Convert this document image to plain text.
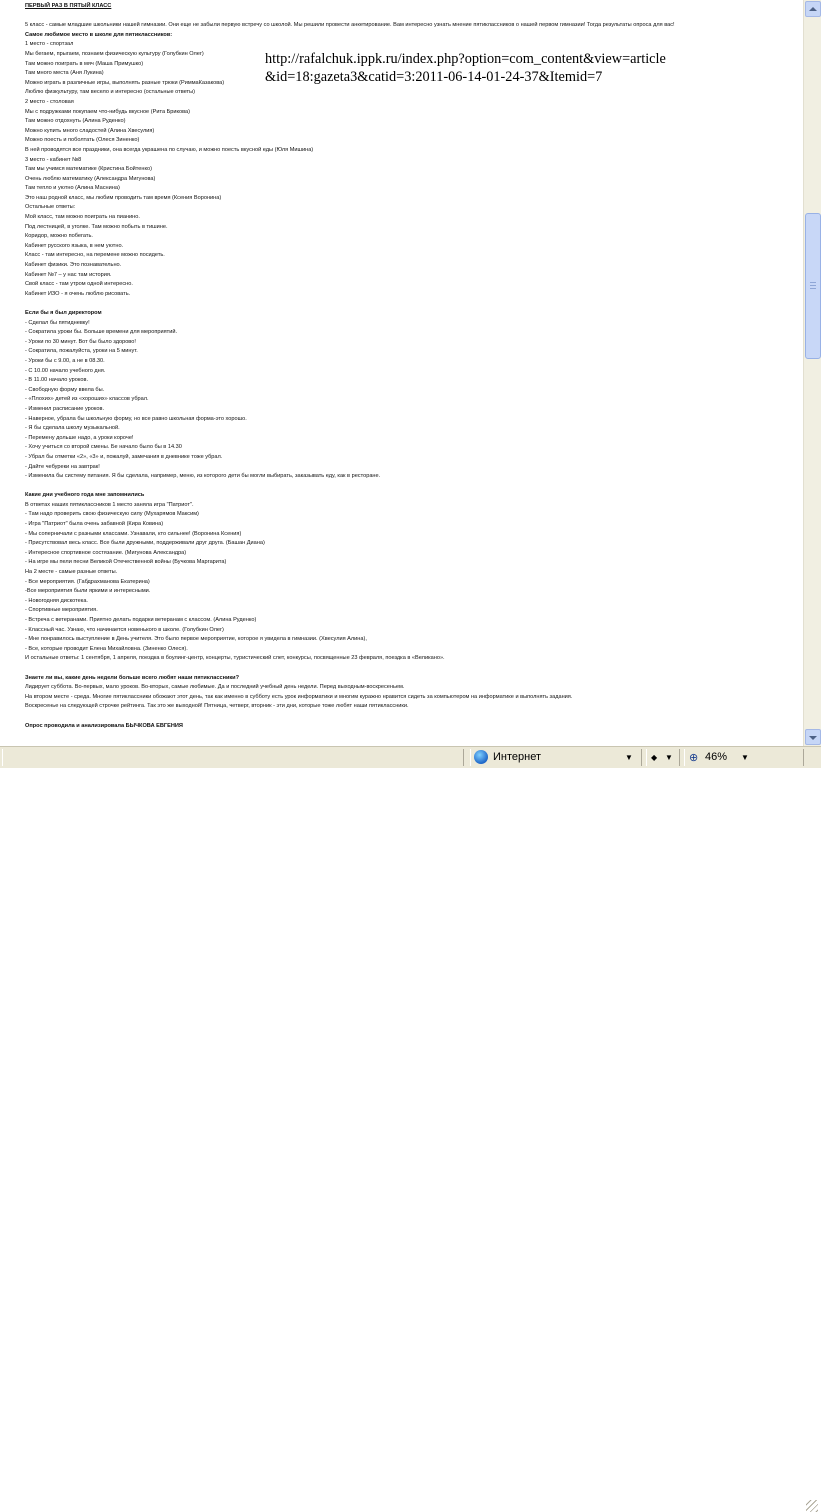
ПЕРВЫЙ РАЗ В ПЯТЫЙ КЛАСС
5 класс - самые младшие школьники нашей гимназии. Они еще не забыли первую встречу со школой. Мы решили провести анкетирование. Вам интересно узнать мнение пятиклассников о нашей первом гимназии! Тогда результаты опроса для вас!
Самое любимое место в школе для пятиклассников:
1 место - спортзал
Мы бегаем, прыгаем, познаем физическую культуру (Голубкин Олег)
Там можно поиграть в мяч (Маша Примушко)
Там много места (Аня Лукина)
Можно играть в различные игры, выполнять разные трюки (РиммаКазакова)
Люблю физкультуру, там весело и интересно (остальные ответы)
2 место - столовая
Мы с подружками покупаем что-нибудь вкусное (Рита Брикова)
Там можно отдохнуть (Алина Руденко)
Можно купить много сладостей (Алина Хвесулия)
Можно поесть и поболтать (Олеся Зиненко)
В ней проводятся все праздники, она всегда украшена по случаю, и можно поесть вкусной еды (Юля Мишина)
3 место - кабинет №8
Там мы учимся математике (Кристина Бойтенко)
Очень люблю математику (Александра Мигунова)
Там тепло и уютно (Алина Маснина)
Это наш родной класс, мы любим проводить там время (Ксения Воронина)
Остальные ответы:
Мой класс, там можно поиграть на пианино.
Под лестницей, в уголке. Там можно побыть в тишине.
Коридор, можно побегать.
Кабинет русского языка, в нем уютно.
Класс - там интересно, на перемене можно посидеть.
Кабинет физики. Это познавательно.
Кабинет №7 – у нас там история.
Свой класс - там утром одной интересно.
Кабинет ИЗО - я очень люблю рисовать.
Если бы я был директором
- Сделал бы пятидневку!
- Сократила уроки бы. Больше времени для мероприятий.
- Уроки по 30 минут. Вот бы было здорово!
- Сократила, пожалуйста, уроки на 5 минут.
- Уроки бы с 9.00, а не в 08.30.
- С 10.00 начало учебного дня.
- В 11.00 начало уроков.
- Свободную форму ввела бы.
- «Плохих» детей из «хороших» классов убрал.
- Изменил расписание уроков.
- Наверное, убрала бы школьную форму, но все равно школьная форма-это хорошо.
- Я бы сделала школу музыкальной.
- Перемену дольше надо, а уроки короче!
- Хочу учиться со второй смены. Бе начало было бы в 14.30
- Убрал бы отметки «2», «3» и, пожалуй, замечания в дневнике тоже убрал.
- Дайте чебуреки на завтрак!
- Изменила бы систему питания. Я бы сделала, например, меню, из которого дети бы могли выбирать, заказывать еду, как в ресторане.
Какие дни учебного года мне запомнились
В ответах наших пятиклассников 1 место заняла игра "Патриот".
- Там надо проверить свою физическую силу (Мухарямов Максим)
- Игра "Патриот" была очень забавной (Кира Ковина)
- Мы соперничали с разными классами. Узнавали, кто сильнее! (Воронина Ксения)
- Присутствовал весь класс. Все были дружными, поддерживали друг друга. (Башан Диана)
- Интересное спортивное состязание. (Мигунова Александра)
- На игре мы пели песни Великой Отечественной войны (Бучкова Маргарита)
На 2 месте - самые разные ответы.
- Все мероприятия. (Габдрахманова Екатерина)
-Все мероприятия были яркими и интересными.
- Новогодняя дискотека.
- Спортивные мероприятия.
- Встреча с ветеранами. Приятно делать подарки ветеранам с классом. (Алина Руденко)
- Классный час. Узнаю, что начинается новенького в школе. (Голубкин Олег)
- Мне понравилось выступление в День учителя. Это было первое мероприятие, которое я увидела в гимназии. (Хвесулия Алина),
- Все, которые проводит Елена Михайловна. (Зиненко Олеся).
И остальные ответы: 1 сентября, 1 апреля, поездка в боулинг-центр, концерты, туристический слет, конкурсы, посвященные 23 февраля, поездка в «Великано».
Знаете ли вы, какие день недели больше всего любят наши пятиклассники?
Лидирует суббота. Во-первых, мало уроков. Во-вторых, самые любимые. Да и последний учебный день недели. Перед выходным-воскресеньем.
На втором месте - среда. Многие пятиклассники обожают этот день, так как именно в субботу есть урок информатики и многим куражно нравится сидеть за компьютером на информатике и выполнять задания.
Воскресенье на следующей строчке рейтинга. Так это же выходной! Пятница, четверг, вторник - эти дни, которые тоже любят наши пятиклассники.
Опрос проводила и анализировала БЫЧКОВА ЕВГЕНИЯ
http://rafalchuk.ippk.ru/index.php?option=com_content&view=article
&id=18:gazeta3&catid=3:2011-06-14-01-24-37&Itemid=7
Интернет	▼ ◆ ▼ ⊕ 46% ▼
